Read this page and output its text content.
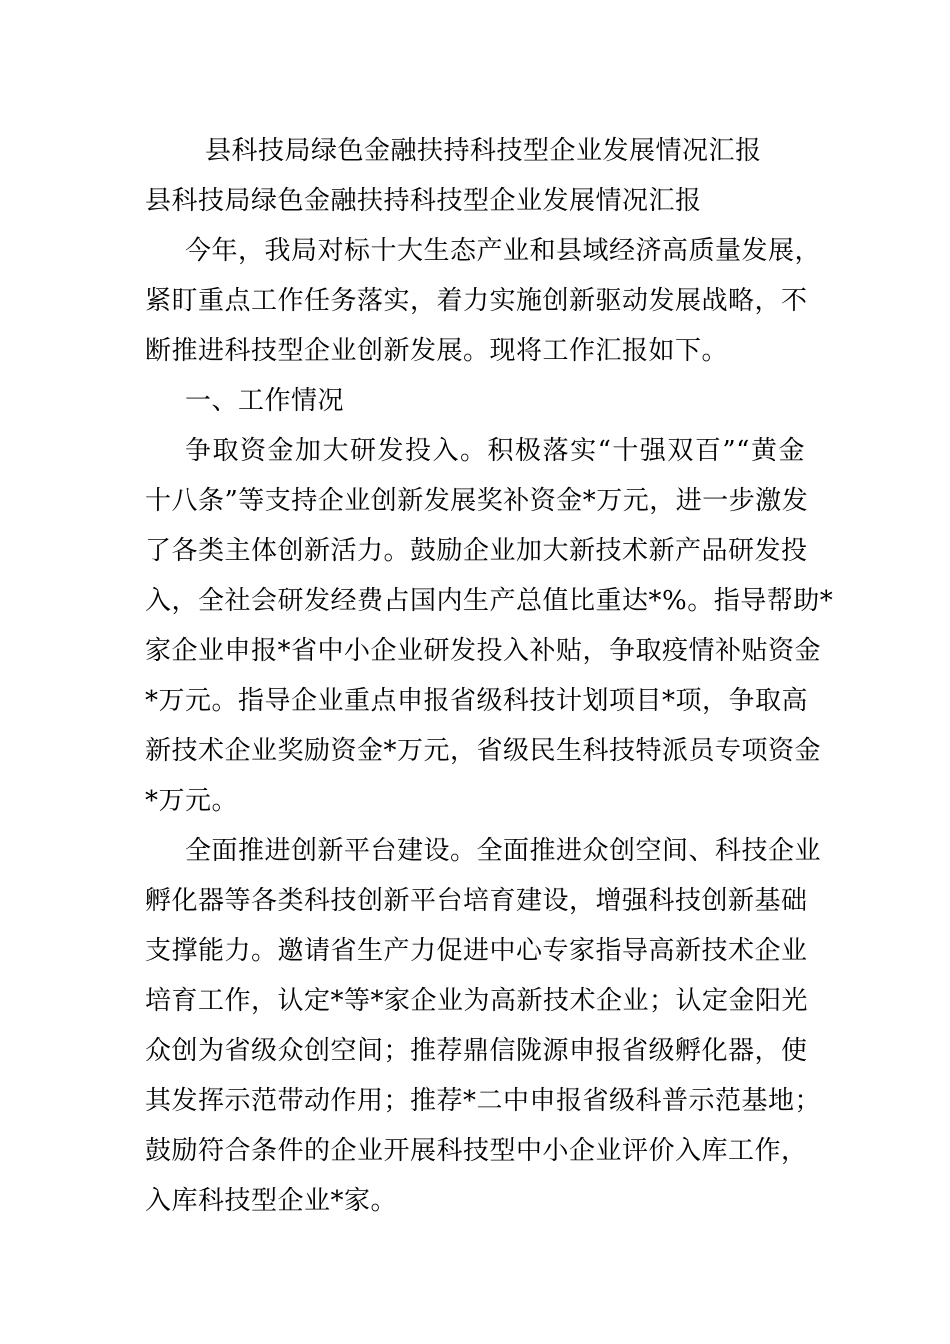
县科技局绿色金融扶持科技型企业发展情况汇报
县科技局绿色金融扶持科技型企业发展情况汇报
今年，我局对标十大生态产业和县域经济高质量发展，
紧盯重点工作任务落实，着力实施创新驱动发展战略，不
断推进科技型企业创新发展。现将工作汇报如下。
一、工作情况
争取资金加大研发投入。积极落实“十强双百”“黄金
十八条”等支持企业创新发展奖补资金*万元，进一步激发
了各类主体创新活力。鼓励企业加大新技术新产品研发投
入，全社会研发经费占国内生产总值比重达*%。指导帮助*
家企业申报*省中小企业研发投入补贴，争取疫情补贴资金
*万元。指导企业重点申报省级科技计划项目*项，争取高
新技术企业奖励资金*万元，省级民生科技特派员专项资金
*万元。
全面推进创新平台建设。全面推进众创空间、科技企业
孵化器等各类科技创新平台培育建设，增强科技创新基础
支撑能力。邀请省生产力促进中心专家指导高新技术企业
培育工作，认定*等*家企业为高新技术企业；认定金阳光
众创为省级众创空间；推荐鼎信陇源申报省级孵化器，使
其发挥示范带动作用；推荐*二中申报省级科普示范基地；
鼓励符合条件的企业开展科技型中小企业评价入库工作，
入库科技型企业*家。
